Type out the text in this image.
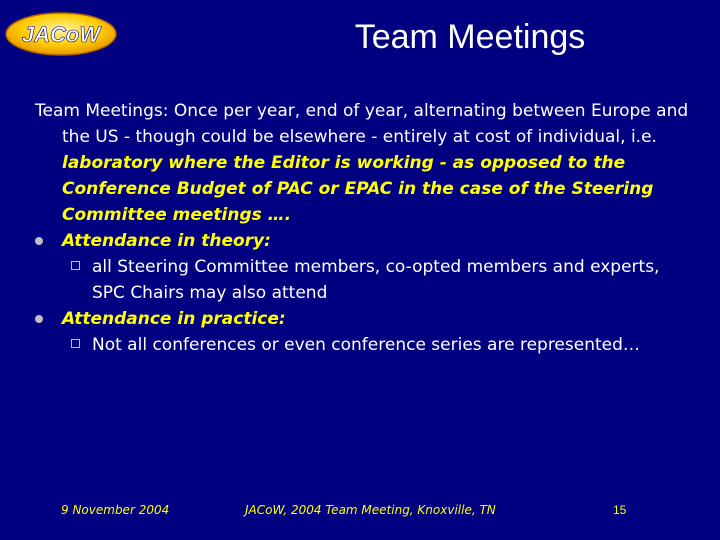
JACoW	Team Meetings

Team Meetings: Once per year, end of year, alternating between Europe and the US - though could be elsewhere - entirely at cost of individual, i.e. laboratory where the Editor is working - as opposed to the Conference Budget of PAC or EPAC in the case of the Steering Committee meetings ….

Attendance in theory:

all Steering Committee members, co-opted members and experts, SPC Chairs may also attend

Attendance in practice:

Not all conferences or even conference series are represented…

9 November 2004	JACoW, 2004 Team Meeting, Knoxville, TN	15
